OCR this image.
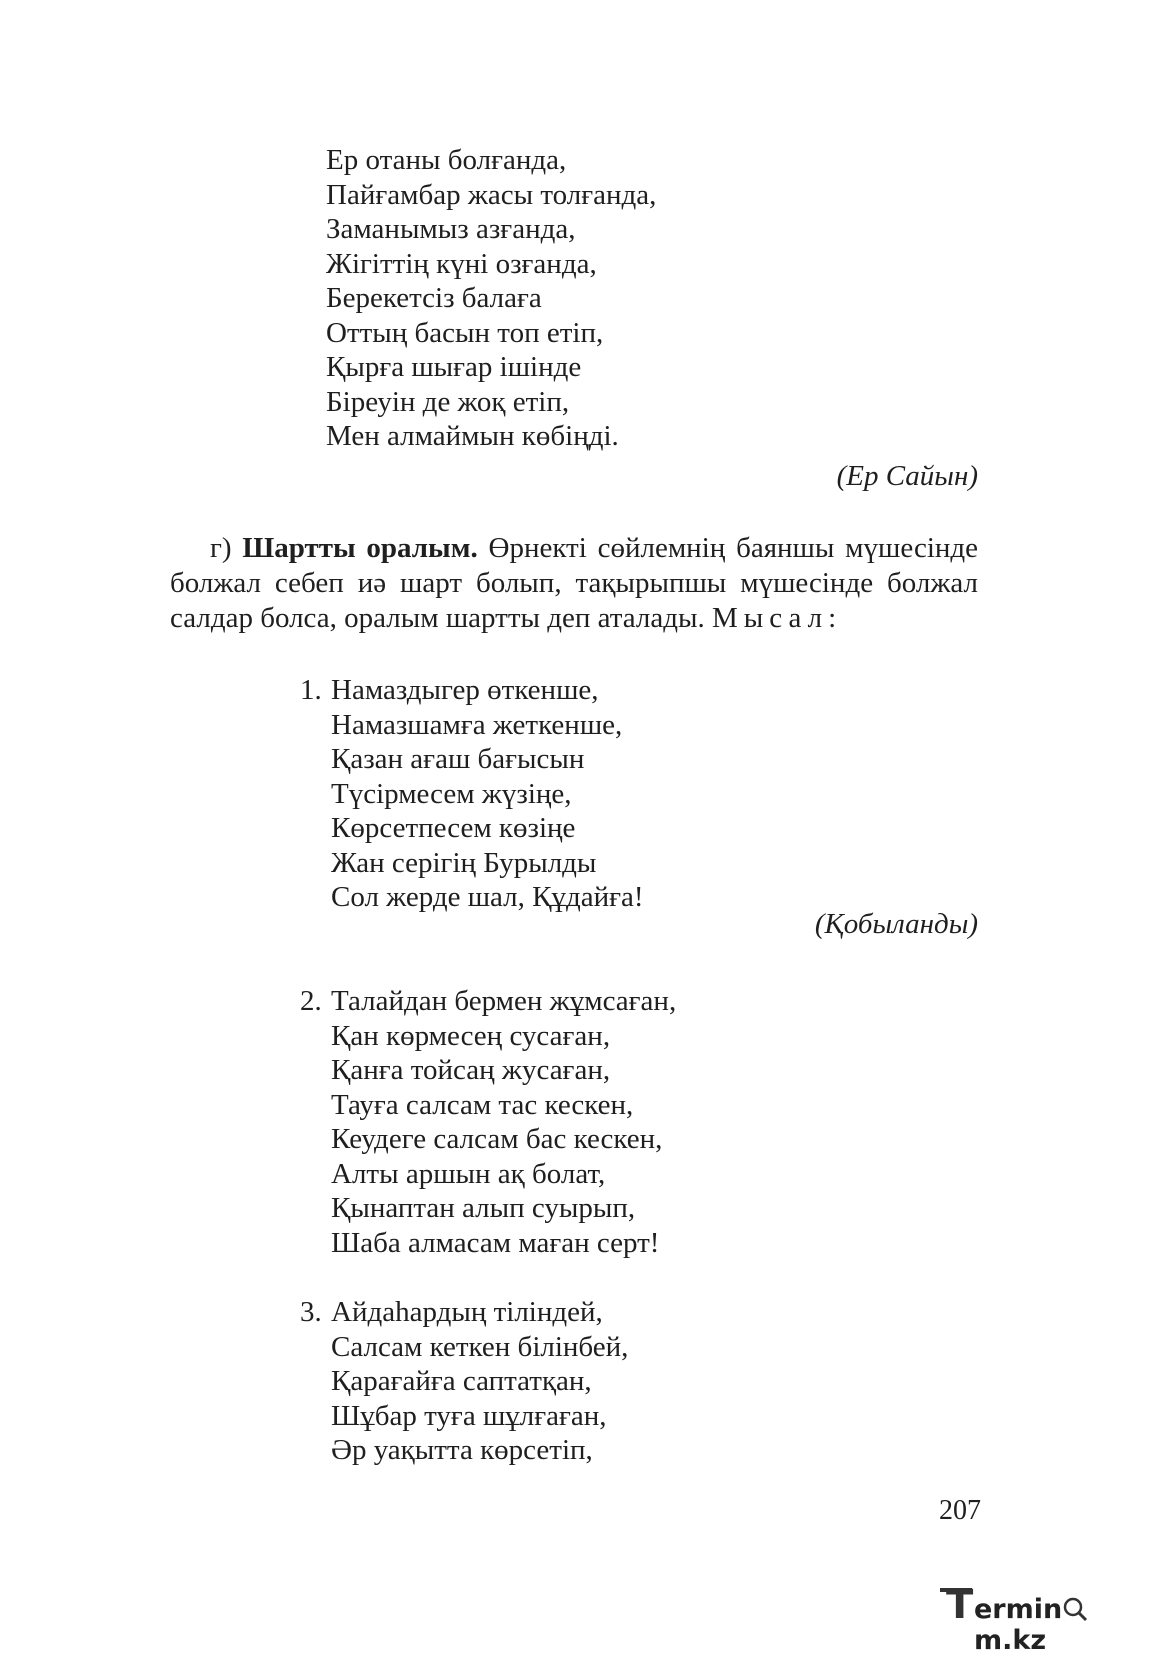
Ер отаны болғанда,
Пайғамбар жасы толғанда,
Заманымыз азғанда,
Жігіттің күні озғанда,
Берекетсіз балаға
Оттың басын топ етіп,
Қырға шығар ішінде
Біреуін де жоқ етіп,
Мен алмаймын көбіңді.
(Ер Сайын)

г) Шартты оралым. Өрнекті сөйлемнің баяншы мүшесінде болжал себеп иә шарт болып, тақырыпшы мүшесінде болжал салдар болса, оралым шартты деп аталады. Мысал:

1. Намаздыгер өткенше,
Намазшамға жеткенше,
Қазан ағаш бағысын
Түсірмесем жүзіңе,
Көрсетпесем көзіңе
Жан серігің Бурылды
Сол жерде шал, Құдайға!
(Қобыланды)
2. Талайдан бермен жұмсаған,
Қан көрмесең сусаған,
Қанға тойсаң жусаған,
Тауға салсам тас кескен,
Кеудеге салсам бас кескен,
Алты аршын ақ болат,
Қынаптан алып суырып,
Шаба алмасам маған серт!
3. Айдаһардың тіліндей,
Салсам кеткен білінбей,
Қарағайға саптатқан,
Шұбар туға шұлғаған,
Әр уақытта көрсетіп,
207
T erminm.kz
